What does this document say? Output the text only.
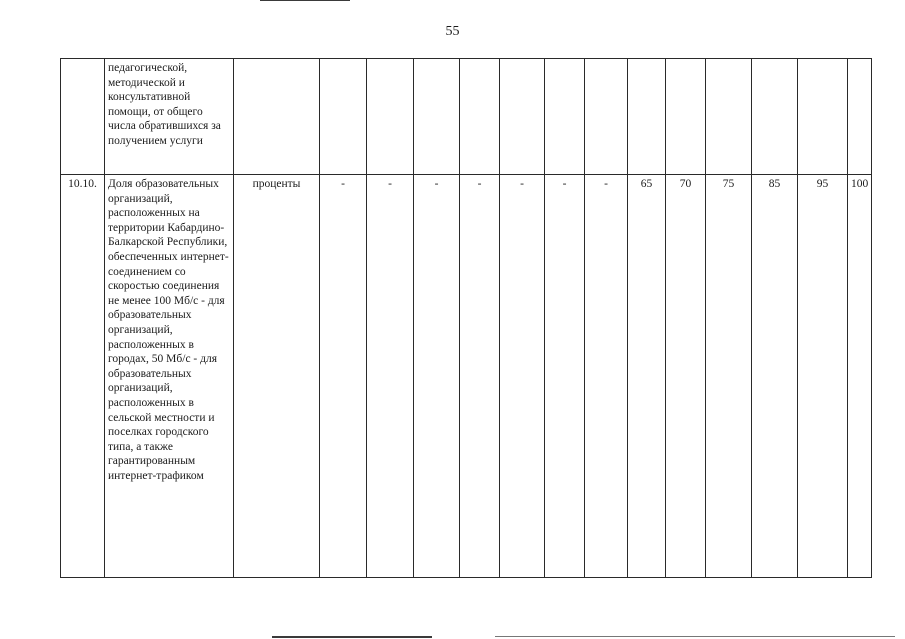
55
	педагогической, методической и консультативной помощи, от общего числа обратившихся за получением услуги														
10.10.	Доля образовательных организаций, расположенных на территории Кабардино-Балкарской Республики, обеспеченных интернет-соединением со скоростью соединения не менее 100 Мб/с - для образовательных организаций, расположенных в городах, 50 Мб/с - для образовательных организаций, расположенных в сельской местности и поселках городского типа, а также гарантированным интернет-трафиком	проценты	-	-	-	-	-	-	-	65	70	75	85	95	100
